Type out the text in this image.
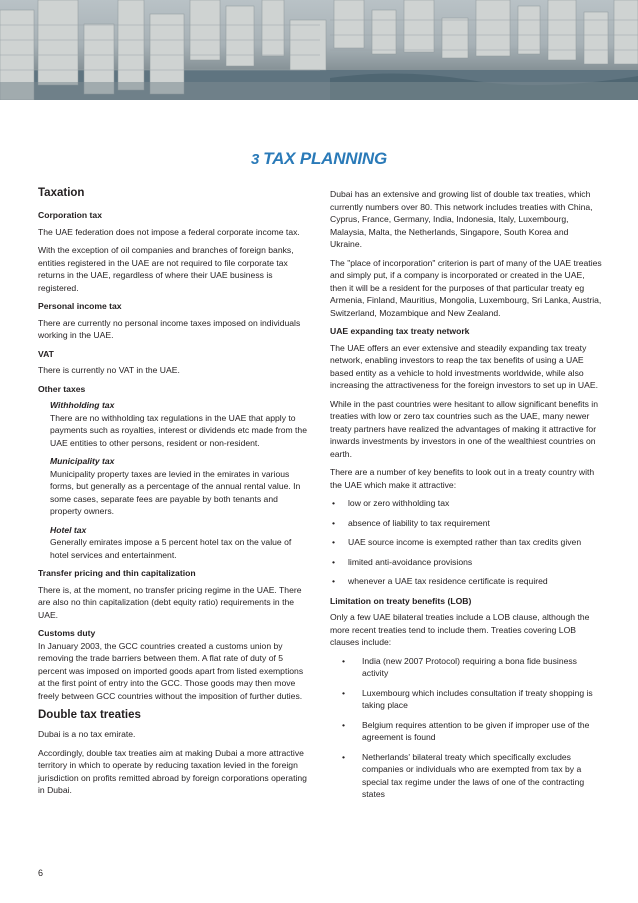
3 TAX PLANNING
Taxation
Corporation tax
The UAE federation does not impose a federal corporate income tax.
With the exception of oil companies and branches of foreign banks, entities registered in the UAE are not required to file corporate tax returns in the UAE, regardless of where their UAE business is registered.
Personal income tax
There are currently no personal income taxes imposed on individuals working in the UAE.
VAT
There is currently no VAT in the UAE.
Other taxes
Withholding tax
There are no withholding tax regulations in the UAE that apply to payments such as royalties, interest or dividends etc made from the UAE entities to other persons, resident or non-resident.
Municipality tax
Municipality property taxes are levied in the emirates in various forms, but generally as a percentage of the annual rental value. In some cases, separate fees are payable by both tenants and property owners.
Hotel tax
Generally emirates impose a 5 percent hotel tax on the value of hotel services and entertainment.
Transfer pricing and thin capitalization
There is, at the moment, no transfer pricing regime in the UAE. There are also no thin capitalization (debt equity ratio) requirements in the UAE.
Customs duty
In January 2003, the GCC countries created a customs union by removing the trade barriers between them. A flat rate of duty of 5 percent was imposed on imported goods apart from listed exemptions at the first point of entry into the GCC. Those goods may then move freely between GCC countries without the imposition of further duties.
Double tax treaties
Dubai is a no tax emirate.
Accordingly, double tax treaties aim at making Dubai a more attractive territory in which to operate by reducing taxation levied in the foreign jurisdiction on profits remitted abroad by foreign corporations operating in Dubai.
Dubai has an extensive and growing list of double tax treaties, which currently numbers over 80. This network includes treaties with China, Cyprus, France, Germany, India, Indonesia, Italy, Luxembourg, Malaysia, Malta, the Netherlands, Singapore, South Korea and Ukraine.
The "place of incorporation" criterion is part of many of the UAE treaties and simply put, if a company is incorporated or created in the UAE, then it will be a resident for the purposes of that particular treaty eg Armenia, Finland, Mauritius, Mongolia, Luxembourg, Sri Lanka, Austria, Switzerland, Mozambique and New Zealand.
UAE expanding tax treaty network
The UAE offers an ever extensive and steadily expanding tax treaty network, enabling investors to reap the tax benefits of using a UAE based entity as a vehicle to hold investments worldwide, while also increasing the attractiveness for the foreign investors to set up in UAE.
While in the past countries were hesitant to allow significant benefits in treaties with low or zero tax countries such as the UAE, many newer treaty partners have realized the advantages of making it attractive for inwards investments by investors in one of the wealthiest countries on earth.
There are a number of key benefits to look out in a treaty country with the UAE which make it attractive:
• low or zero withholding tax
• absence of liability to tax requirement
• UAE source income is exempted rather than tax credits given
• limited anti-avoidance provisions
• whenever a UAE tax residence certificate is required
Limitation on treaty benefits (LOB)
Only a few UAE bilateral treaties include a LOB clause, although the more recent treaties tend to include them. Treaties covering LOB clauses include:
• India (new 2007 Protocol) requiring a bona fide business activity
• Luxembourg which includes consultation if treaty shopping is taking place
• Belgium requires attention to be given if improper use of the agreement is found
• Netherlands' bilateral treaty which specifically excludes companies or individuals who are exempted from tax by a special tax regime under the laws of one of the contracting states
6
